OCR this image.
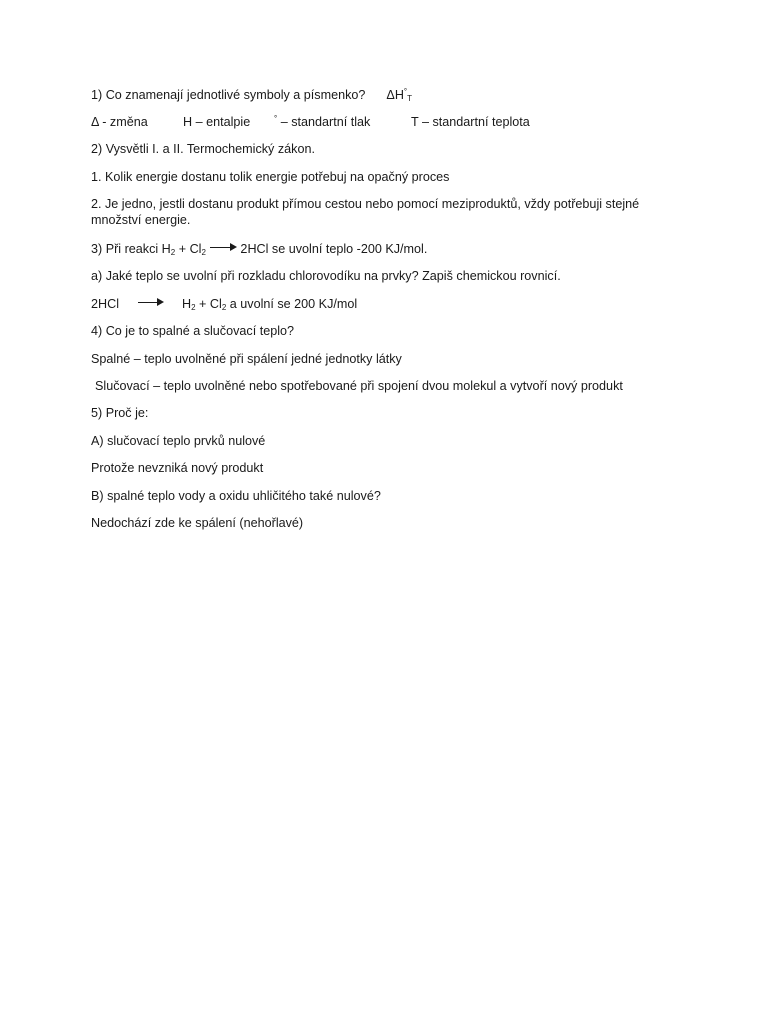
1) Co znamenají jednotlivé symboly a písmenko? $\Delta H^\circ_T$
Δ - změna	H – entalpie	° – standartní tlak	T – standartní teplota
2) Vysvětli I. a II. Termochemický zákon.
1. Kolik energie dostanu tolik energie potřebuj na opačný proces
2. Je jedno, jestli dostanu produkt přímou cestou nebo pomocí meziproduktů, vždy potřebuji stejné množství energie.
3) Při reakci $H_2 + Cl_2$
2HCl se uvolní teplo -200 KJ/mol.
a) Jaké teplo se uvolní při rozkladu chlorovodíku na prvky? Zapiš chemickou rovnicí.
2HCl	$H_2 + Cl_2$ a uvolní se 200 KJ/mol
4) Co je to spalné a slučovací teplo?
Spalné – teplo uvolněné při spálení jedné jednotky látky
Slučovací – teplo uvolněné nebo spotřebované při spojení dvou molekul a vytvoří nový produkt
5) Proč je:
A) slučovací teplo prvků nulové
Protože nevzniká nový produkt
B) spalné teplo vody a oxidu uhličitého také nulové?
Nedochází zde ke spálení (nehořlavé)
